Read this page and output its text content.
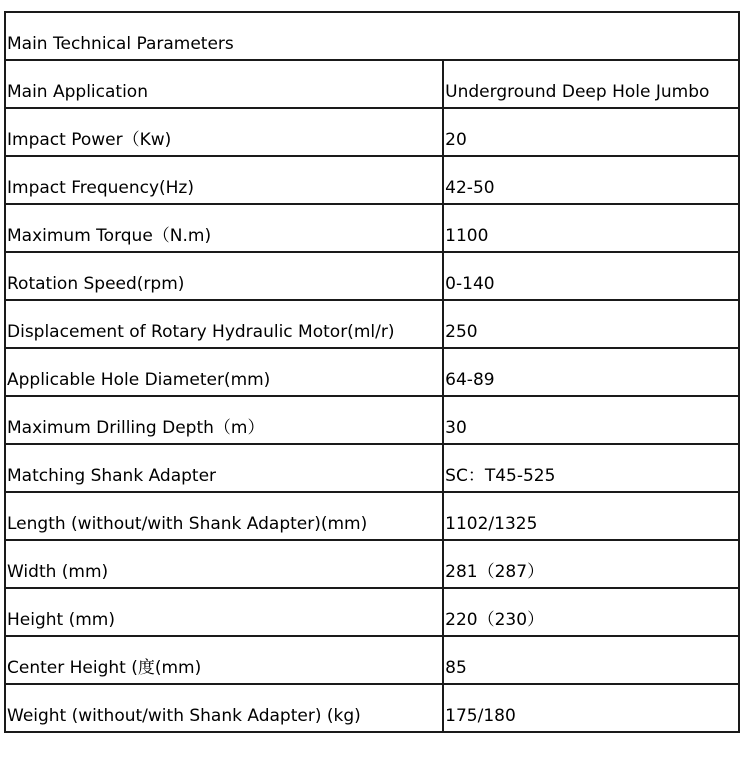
Main Technical Parameters	

Main Application	Underground Deep Hole Jumbo

Impact Power（Kw)	20

Impact Frequency(Hz)	42-50

Maximum Torque（N.m)	1100

Rotation Speed(rpm)	0-140

Displacement of Rotary Hydraulic Motor(ml/r)	250

Applicable Hole Diameter(mm)	64-89

Maximum Drilling Depth（m）	30

Matching Shank Adapter	SC：T45-525

Length (without/with Shank Adapter)(mm)	1102/1325

Width (mm)	281（287）

Height (mm)	220（230）

Center Height (度(mm)	85

Weight (without/with Shank Adapter) (kg)	175/180
